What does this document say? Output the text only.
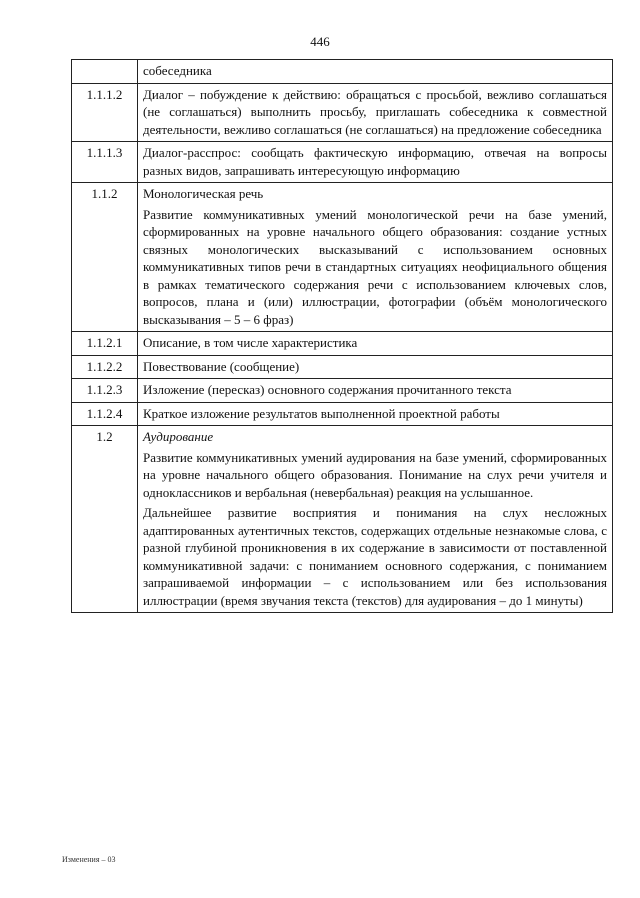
446
	собеседника
1.1.1.2	Диалог – побуждение к действию: обращаться с просьбой, вежливо соглашаться (не соглашаться) выполнить просьбу, приглашать собеседника к совместной деятельности, вежливо соглашаться (не соглашаться) на предложение собеседника
1.1.1.3	Диалог-расспрос: сообщать фактическую информацию, отвечая на вопросы разных видов, запрашивать интересующую информацию
1.1.2	Монологическая речь

Развитие коммуникативных умений монологической речи на базе умений, сформированных на уровне начального общего образования: создание устных связных монологических высказываний с использованием основных коммуникативных типов речи в стандартных ситуациях неофициального общения в рамках тематического содержания речи с использованием ключевых слов, вопросов, плана и (или) иллюстрации, фотографии (объём монологического высказывания – 5 – 6 фраз)

1.1.2.1	Описание, в том числе характеристика
1.1.2.2	Повествование (сообщение)
1.1.2.3	Изложение (пересказ) основного содержания прочитанного текста
1.1.2.4	Краткое изложение результатов выполненной проектной работы
1.2	Аудирование

Развитие коммуникативных умений аудирования на базе умений, сформированных на уровне начального общего образования. Понимание на слух речи учителя и одноклассников и вербальная (невербальная) реакция на услышанное.

Дальнейшее развитие восприятия и понимания на слух несложных адаптированных аутентичных текстов, содержащих отдельные незнакомые слова, с разной глубиной проникновения в их содержание в зависимости от поставленной коммуникативной задачи: с пониманием основного содержания, с пониманием запрашиваемой информации – с использованием или без использования иллюстрации (время звучания текста (текстов) для аудирования – до 1 минуты)

Изменения – 03
